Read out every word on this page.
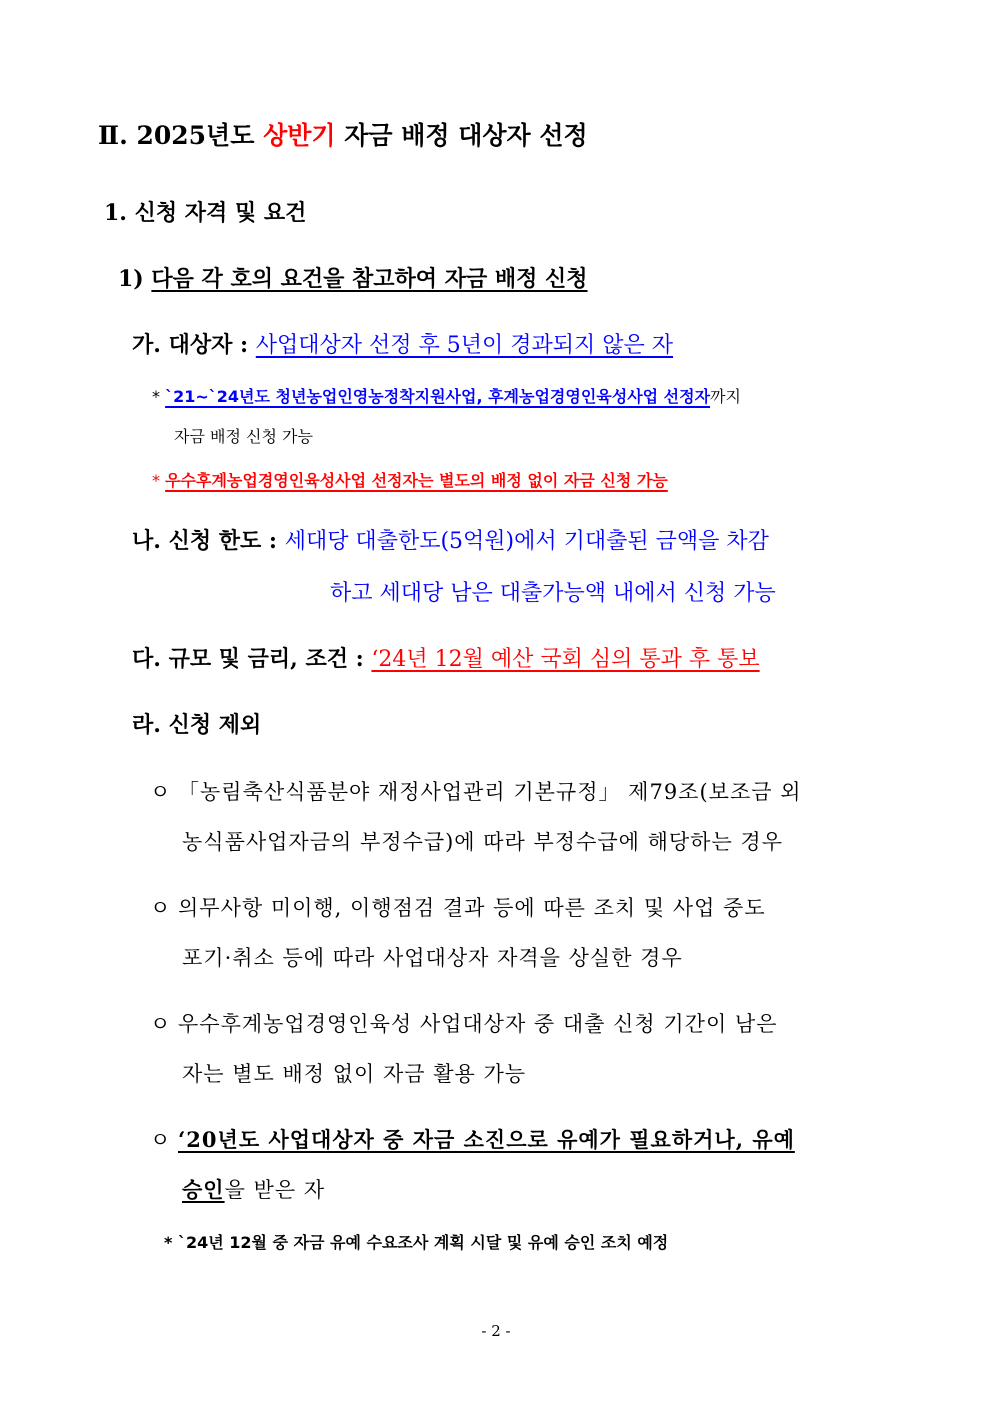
Ⅱ. 2025년도 상반기 자금 배정 대상자 선정
1. 신청 자격 및 요건
1) 다음 각 호의 요건을 참고하여 자금 배정 신청
가. 대상자 : 사업대상자 선정 후 5년이 경과되지 않은 자
* `21~`24년도 청년농업인영농정착지원사업, 후계농업경영인육성사업 선정자까지
자금 배정 신청 가능
* 우수후계농업경영인육성사업 선정자는 별도의 배정 없이 자금 신청 가능
나. 신청 한도 : 세대당 대출한도(5억원)에서 기대출된 금액을 차감
하고 세대당 남은 대출가능액 내에서 신청 가능
다. 규모 및 금리, 조건 : ‘24년 12월 예산 국회 심의 통과 후 통보
라. 신청 제외
ㅇ 「농림축산식품분야 재정사업관리 기본규정」 제79조(보조금 외
농식품사업자금의 부정수급)에 따라 부정수급에 해당하는 경우
ㅇ 의무사항 미이행, 이행점검 결과 등에 따른 조치 및 사업 중도
포기·취소 등에 따라 사업대상자 자격을 상실한 경우
ㅇ 우수후계농업경영인육성 사업대상자 중 대출 신청 기간이 남은
자는 별도 배정 없이 자금 활용 가능
ㅇ ‘20년도 사업대상자 중 자금 소진으로 유예가 필요하거나, 유예
승인을 받은 자
* `24년 12월 중 자금 유예 수요조사 계획 시달 및 유예 승인 조치 예정
- 2 -
